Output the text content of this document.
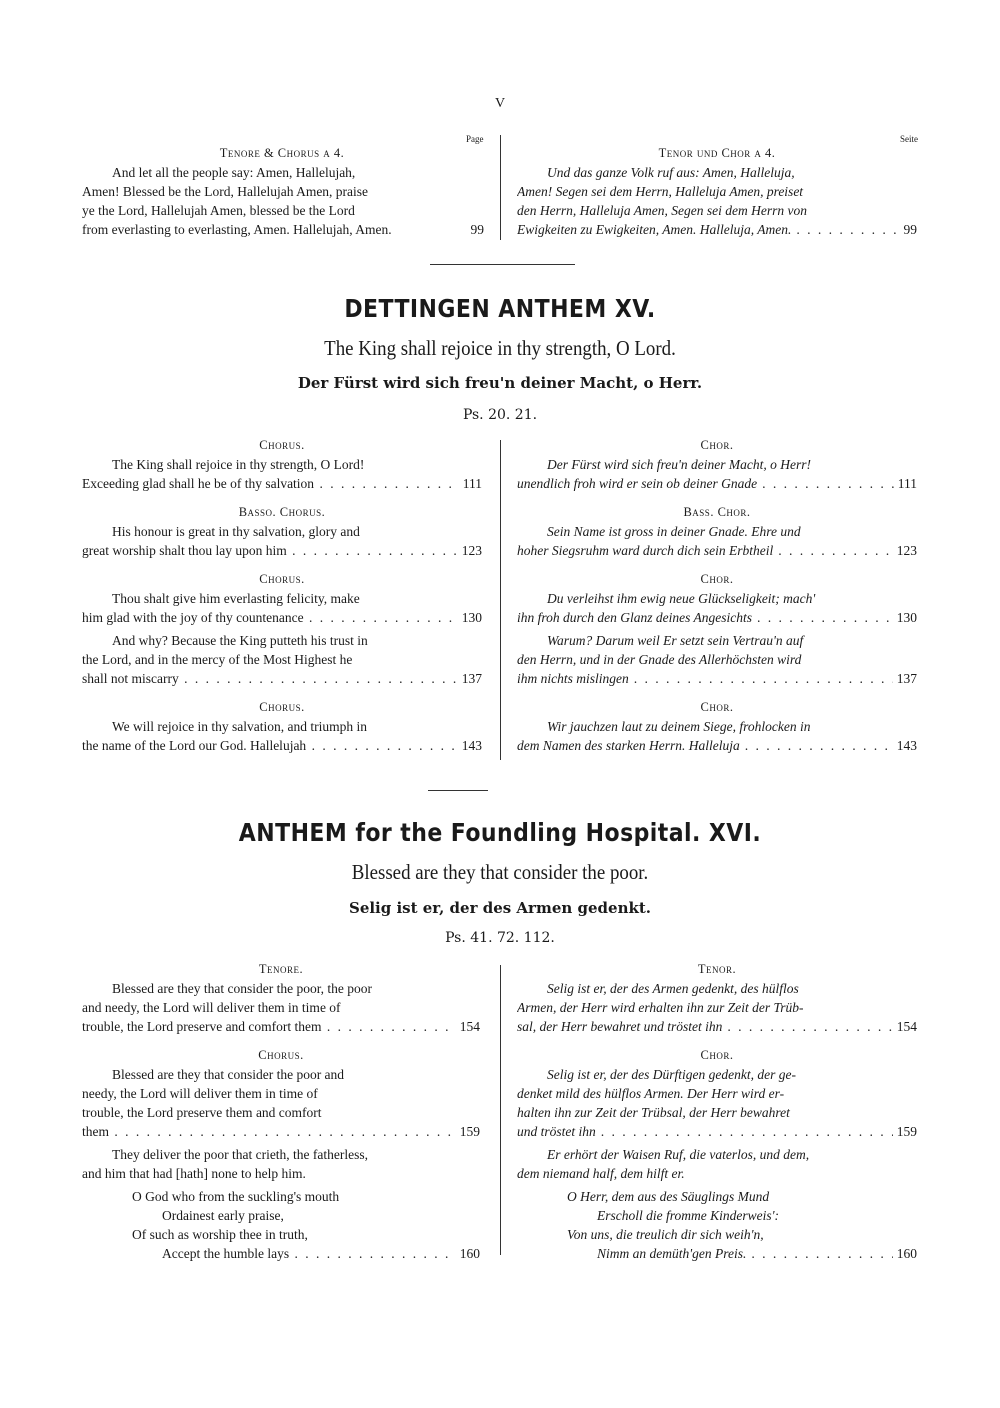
V
Page	Seite
Tenore & Chorus a 4.
And let all the people say: Amen, Hallelujah,
Amen! Blessed be the Lord, Hallelujah Amen, praise
ye the Lord, Hallelujah Amen, blessed be the Lord
from everlasting to everlasting, Amen. Hallelujah, Amen.	99
Tenor und Chor a 4.
Und das ganze Volk ruf aus: Amen, Halleluja,
Amen! Segen sei dem Herrn, Halleluja Amen, preiset
den Herrn, Halleluja Amen, Segen sei dem Herrn von
Ewigkeiten zu Ewigkeiten, Amen. Halleluja, Amen.	99
. . .
DETTINGEN ANTHEM XV.
The King shall rejoice in thy strength, O Lord.
Der Fürst wird sich freu'n deiner Macht, o Herr.
Ps. 20. 21.
Chorus.
The King shall rejoice in thy strength, O Lord!
Exceeding glad shall he be of thy salvation	111
. . .
Basso. Chorus.
His honour is great in thy salvation, glory and
great worship shalt thou lay upon him	123
. . .
Chorus.
Thou shalt give him everlasting felicity, make
him glad with the joy of thy countenance	130
. . .
And why? Because the King putteth his trust in
the Lord, and in the mercy of the Most Highest he
shall not miscarry	137
. . .
Chorus.
We will rejoice in thy salvation, and triumph in
the name of the Lord our God. Hallelujah	143
. . .
Chor.
Der Fürst wird sich freu'n deiner Macht, o Herr!
unendlich froh wird er sein ob deiner Gnade	111
. . .
Bass. Chor.
Sein Name ist gross in deiner Gnade. Ehre und
hoher Siegsruhm ward durch dich sein Erbtheil	123
. . .
Chor.
Du verleihst ihm ewig neue Glückseligkeit; mach'
ihn froh durch den Glanz deines Angesichts	130
. . .
Warum? Darum weil Er setzt sein Vertrau'n auf
den Herrn, und in der Gnade des Allerhöchsten wird
ihm nichts mislingen	137
. . .
Chor.
Wir jauchzen laut zu deinem Siege, frohlocken in
dem Namen des starken Herrn. Halleluja	143
. . .
ANTHEM for the Foundling Hospital. XVI.
Blessed are they that consider the poor.
Selig ist er, der des Armen gedenkt.
Ps. 41. 72. 112.
Tenore.
Blessed are they that consider the poor, the poor
and needy, the Lord will deliver them in time of
trouble, the Lord preserve and comfort them	154
. . .
Chorus.
Blessed are they that consider the poor and
needy, the Lord will deliver them in time of
trouble, the Lord preserve them and comfort
them	159
. . .
They deliver the poor that crieth, the fatherless,
and him that had [hath] none to help him.
O God who from the suckling's mouth
Ordainest early praise,
Of such as worship thee in truth,
Accept the humble lays	160
. . .
Tenor.
Selig ist er, der des Armen gedenkt, des hülflos
Armen, der Herr wird erhalten ihn zur Zeit der Trüb-
sal, der Herr bewahret und tröstet ihn	154
. . .
Chor.
Selig ist er, der des Dürftigen gedenkt, der ge-
denket mild des hülflos Armen. Der Herr wird er-
halten ihn zur Zeit der Trübsal, der Herr bewahret
und tröstet ihn	159
. . .
Er erhört der Waisen Ruf, die vaterlos, und dem,
dem niemand half, dem hilft er.
O Herr, dem aus des Säuglings Mund
Erscholl die fromme Kinderweis':
Von uns, die treulich dir sich weih'n,
Nimm an demüth'gen Preis.	160
. . .
